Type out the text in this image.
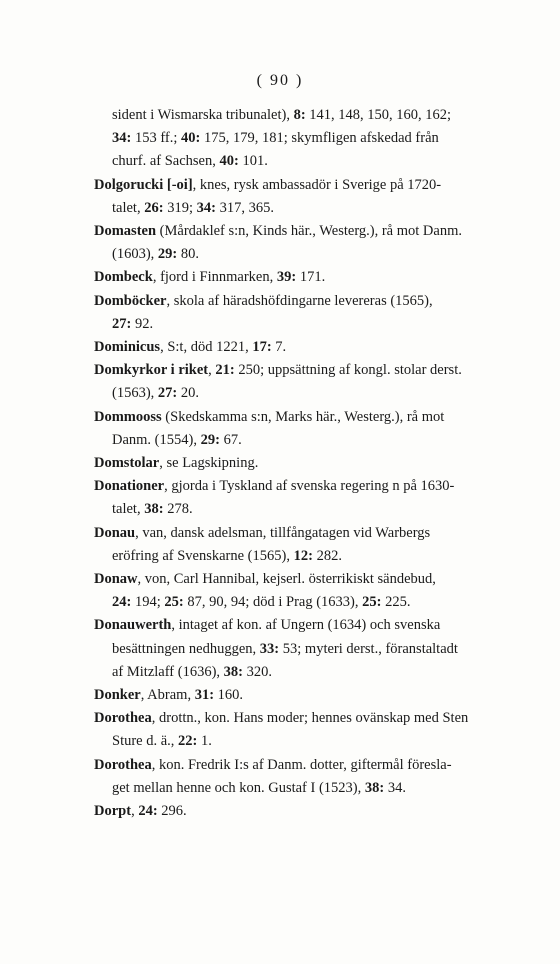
( 90 )

sident i Wismarska tribunalet), 8: 141, 148, 150, 160, 162;
34: 153 ff.; 40: 175, 179, 181; skymfligen afskedad från
churf. af Sachsen, 40: 101.

Dolgorucki [-oi], knes, rysk ambassadör i Sverige på 1720-
talet, 26: 319; 34: 317, 365.

Domasten (Mårdaklef s:n, Kinds här., Westerg.), rå mot Danm.
(1603), 29: 80.

Dombeck, fjord i Finnmarken, 39: 171.

Domböcker, skola af häradshöfdingarne levereras (1565),
27: 92.

Dominicus, S:t, död 1221, 17: 7.

Domkyrkor i riket, 21: 250; uppsättning af kongl. stolar derst.
(1563), 27: 20.

Dommooss (Skedskamma s:n, Marks här., Westerg.), rå mot
Danm. (1554), 29: 67.

Domstolar, se Lagskipning.

Donationer, gjorda i Tyskland af svenska regering n på 1630-
talet, 38: 278.

Donau, van, dansk adelsman, tillfångatagen vid Warbergs
eröfring af Svenskarne (1565), 12: 282.

Donaw, von, Carl Hannibal, kejserl. österrikiskt sändebud,
24: 194; 25: 87, 90, 94; död i Prag (1633), 25: 225.

Donauwerth, intaget af kon. af Ungern (1634) och svenska
besättningen nedhuggen, 33: 53; myteri derst., föranstaltadt
af Mitzlaff (1636), 38: 320.

Donker, Abram, 31: 160.

Dorothea, drottn., kon. Hans moder; hennes ovänskap med Sten
Sture d. ä., 22: 1.

Dorothea, kon. Fredrik I:s af Danm. dotter, giftermål föresla-
get mellan henne och kon. Gustaf I (1523), 38: 34.

Dorpt, 24: 296.
